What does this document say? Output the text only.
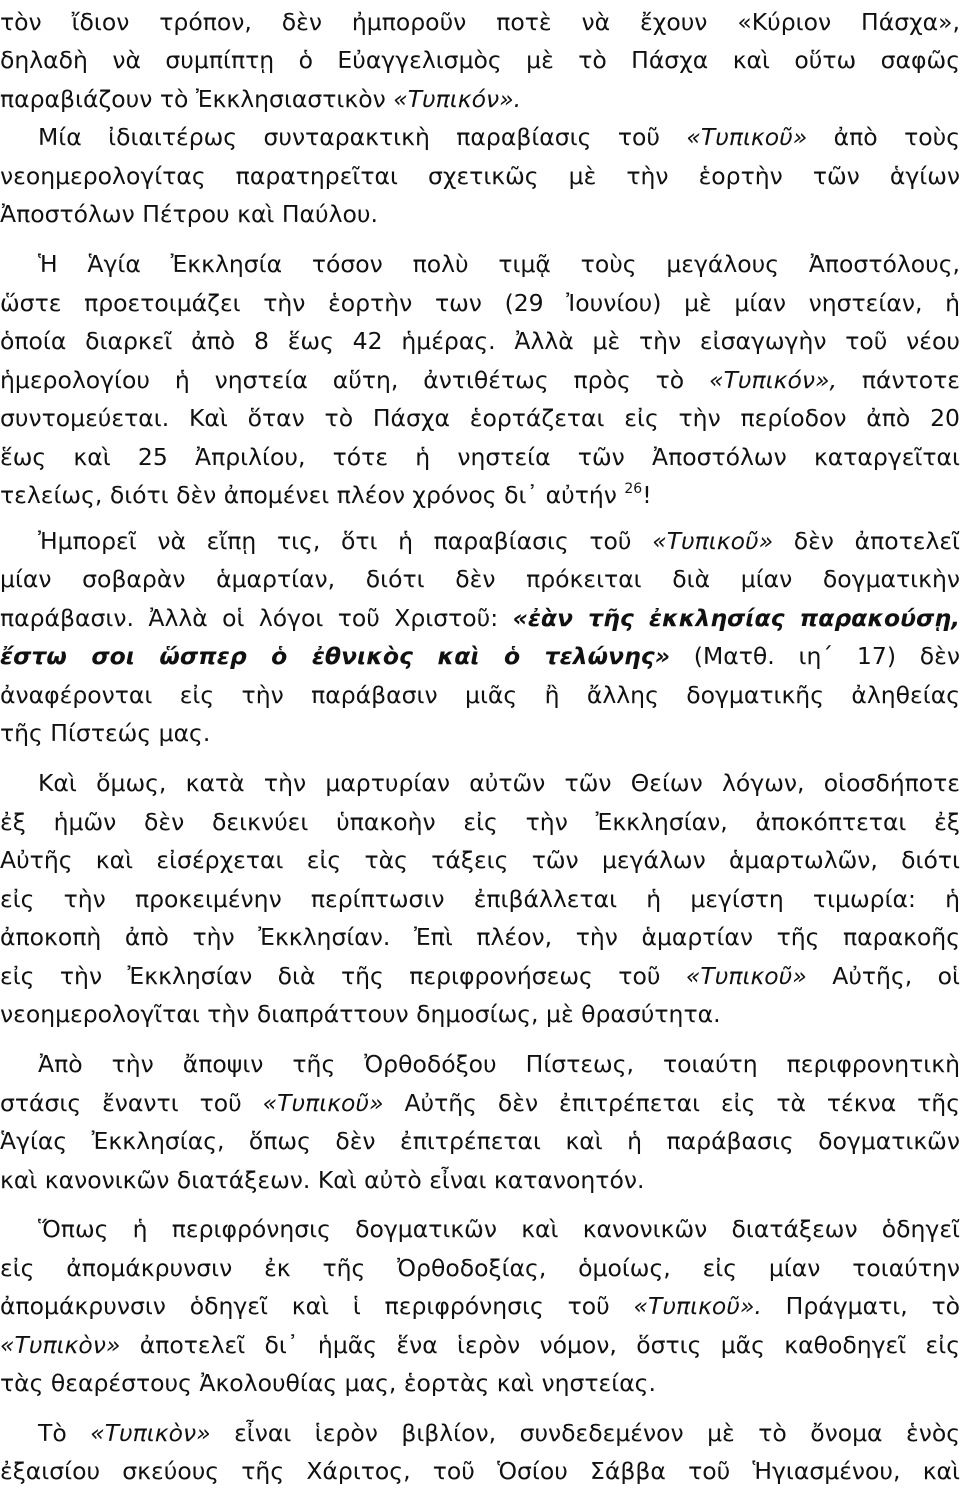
τὸν ἴδιον τρόπον, δὲν ἠμποροῦν ποτὲ νὰ ἔχουν «Κύριον Πάσχα»,
δηλαδὴ νὰ συμπίπτῃ ὁ Εὐαγγελισμὸς μὲ τὸ Πάσχα καὶ οὕτω σαφῶς
παραβιάζουν τὸ Ἐκκλησιαστικὸν «Τυπικόν».
Μία ἰδιαιτέρως συνταρακτικὴ παραβίασις τοῦ «Τυπικοῦ» ἀπὸ τοὺς
νεοημερολογίτας παρατηρεῖται σχετικῶς μὲ τὴν ἑορτὴν τῶν ἁγίων
Ἀποστόλων Πέτρου καὶ Παύλου.
Ἡ Ἁγία Ἐκκλησία τόσον πολὺ τιμᾷ τοὺς μεγάλους Ἀποστόλους,
ὥστε προετοιμάζει τὴν ἑορτὴν των (29 Ἰουνίου) μὲ μίαν νηστείαν, ἡ
ὁποία διαρκεῖ ἀπὸ 8 ἕως 42 ἡμέρας. Ἀλλὰ μὲ τὴν εἰσαγωγὴν τοῦ νέου
ἡμερολογίου ἡ νηστεία αὕτη, ἀντιθέτως πρὸς τὸ «Τυπικόν», πάντοτε
συντομεύεται. Καὶ ὅταν τὸ Πάσχα ἑορτάζεται εἰς τὴν περίοδον ἀπὸ 20
ἕως καὶ 25 Ἀπριλίου, τότε ἡ νηστεία τῶν Ἀποστόλων καταργεῖται
τελείως, διότι δὲν ἀπομένει πλέον χρόνος δι᾿ αὐτήν $^{26}$!
Ἠμπορεῖ νὰ εἴπῃ τις, ὅτι ἡ παραβίασις τοῦ «Τυπικοῦ» δὲν ἀποτελεῖ
μίαν σοβαρὰν ἁμαρτίαν, διότι δὲν πρόκειται διὰ μίαν δογματικὴν
παράβασιν. Ἀλλὰ οἱ λόγοι τοῦ Χριστοῦ: «ἐὰν τῆς ἐκκλησίας παρακούσῃ,
ἔστω σοι ὥσπερ ὁ ἐθνικὸς καὶ ὁ τελώνης» (Ματθ. ιη´ 17) δὲν
ἀναφέρονται εἰς τὴν παράβασιν μιᾶς ἢ ἄλλης δογματικῆς ἀληθείας
τῆς Πίστεώς μας.
Καὶ ὅμως, κατὰ τὴν μαρτυρίαν αὐτῶν τῶν Θείων λόγων, οἱοσδήποτε
ἐξ ἡμῶν δὲν δεικνύει ὑπακοὴν εἰς τὴν Ἐκκλησίαν, ἀποκόπτεται ἐξ
Αὐτῆς καὶ εἰσέρχεται εἰς τὰς τάξεις τῶν μεγάλων ἁμαρτωλῶν, διότι
εἰς τὴν προκειμένην περίπτωσιν ἐπιβάλλεται ἡ μεγίστη τιμωρία: ἡ
ἀποκοπὴ ἀπὸ τὴν Ἐκκλησίαν. Ἐπὶ πλέον, τὴν ἁμαρτίαν τῆς παρακοῆς
εἰς τὴν Ἐκκλησίαν διὰ τῆς περιφρονήσεως τοῦ «Τυπικοῦ» Αὐτῆς, οἱ
νεοημερολογῖται τὴν διαπράττουν δημοσίως, μὲ θρασύτητα.
Ἀπὸ τὴν ἄποψιν τῆς Ὀρθοδόξου Πίστεως, τοιαύτη περιφρονητικὴ
στάσις ἔναντι τοῦ «Τυπικοῦ» Αὐτῆς δὲν ἐπιτρέπεται εἰς τὰ τέκνα τῆς
Ἁγίας Ἐκκλησίας, ὅπως δὲν ἐπιτρέπεται καὶ ἡ παράβασις δογματικῶν
καὶ κανονικῶν διατάξεων. Καὶ αὐτὸ εἶναι κατανοητόν.
Ὅπως ἡ περιφρόνησις δογματικῶν καὶ κανονικῶν διατάξεων ὁδηγεῖ
εἰς ἀπομάκρυνσιν ἐκ τῆς Ὀρθοδοξίας, ὁμοίως, εἰς μίαν τοιαύτην
ἀπομάκρυνσιν ὁδηγεῖ καὶ ἱ περιφρόνησις τοῦ «Τυπικοῦ». Πράγματι, τὸ
«Τυπικὸν» ἀποτελεῖ δι᾿ ἡμᾶς ἕνα ἱερὸν νόμον, ὅστις μᾶς καθοδηγεῖ εἰς
τὰς θεαρέστους Ἀκολουθίας μας, ἑορτὰς καὶ νηστείας.
Τὸ «Τυπικὸν» εἶναι ἱερὸν βιβλίον, συνδεδεμένον μὲ τὸ ὄνομα ἑνὸς
ἐξαισίου σκεύους τῆς Χάριτος, τοῦ Ὁσίου Σάββα τοῦ Ἡγιασμένου, καὶ
